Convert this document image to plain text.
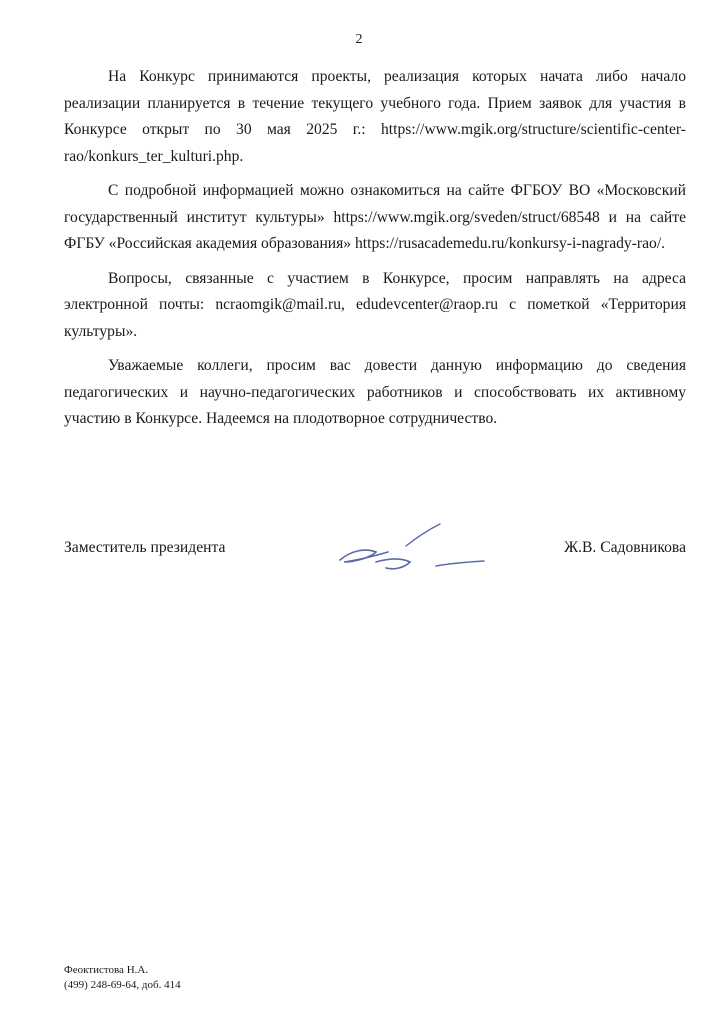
2

На Конкурс принимаются проекты, реализация которых начата либо начало реализации планируется в течение текущего учебного года. Прием заявок для участия в Конкурсе открыт по 30 мая 2025 г.: https://www.mgik.org/structure/scientific-center-rao/konkurs_ter_kulturi.php.

С подробной информацией можно ознакомиться на сайте ФГБОУ ВО «Московский государственный институт культуры» https://www.mgik.org/sveden/struct/68548 и на сайте ФГБУ «Российская академия образования» https://rusacademedu.ru/konkursy-i-nagrady-rao/.

Вопросы, связанные с участием в Конкурсе, просим направлять на адреса электронной почты: ncraomgik@mail.ru, edudevcenter@raop.ru с пометкой «Территория культуры».

Уважаемые коллеги, просим вас довести данную информацию до сведения педагогических и научно-педагогических работников и способствовать их активному участию в Конкурсе. Надеемся на плодотворное сотрудничество.

Заместитель президента	Ж.В. Садовникова
Феоктистова Н.А.
(499) 248-69-64, доб. 414
